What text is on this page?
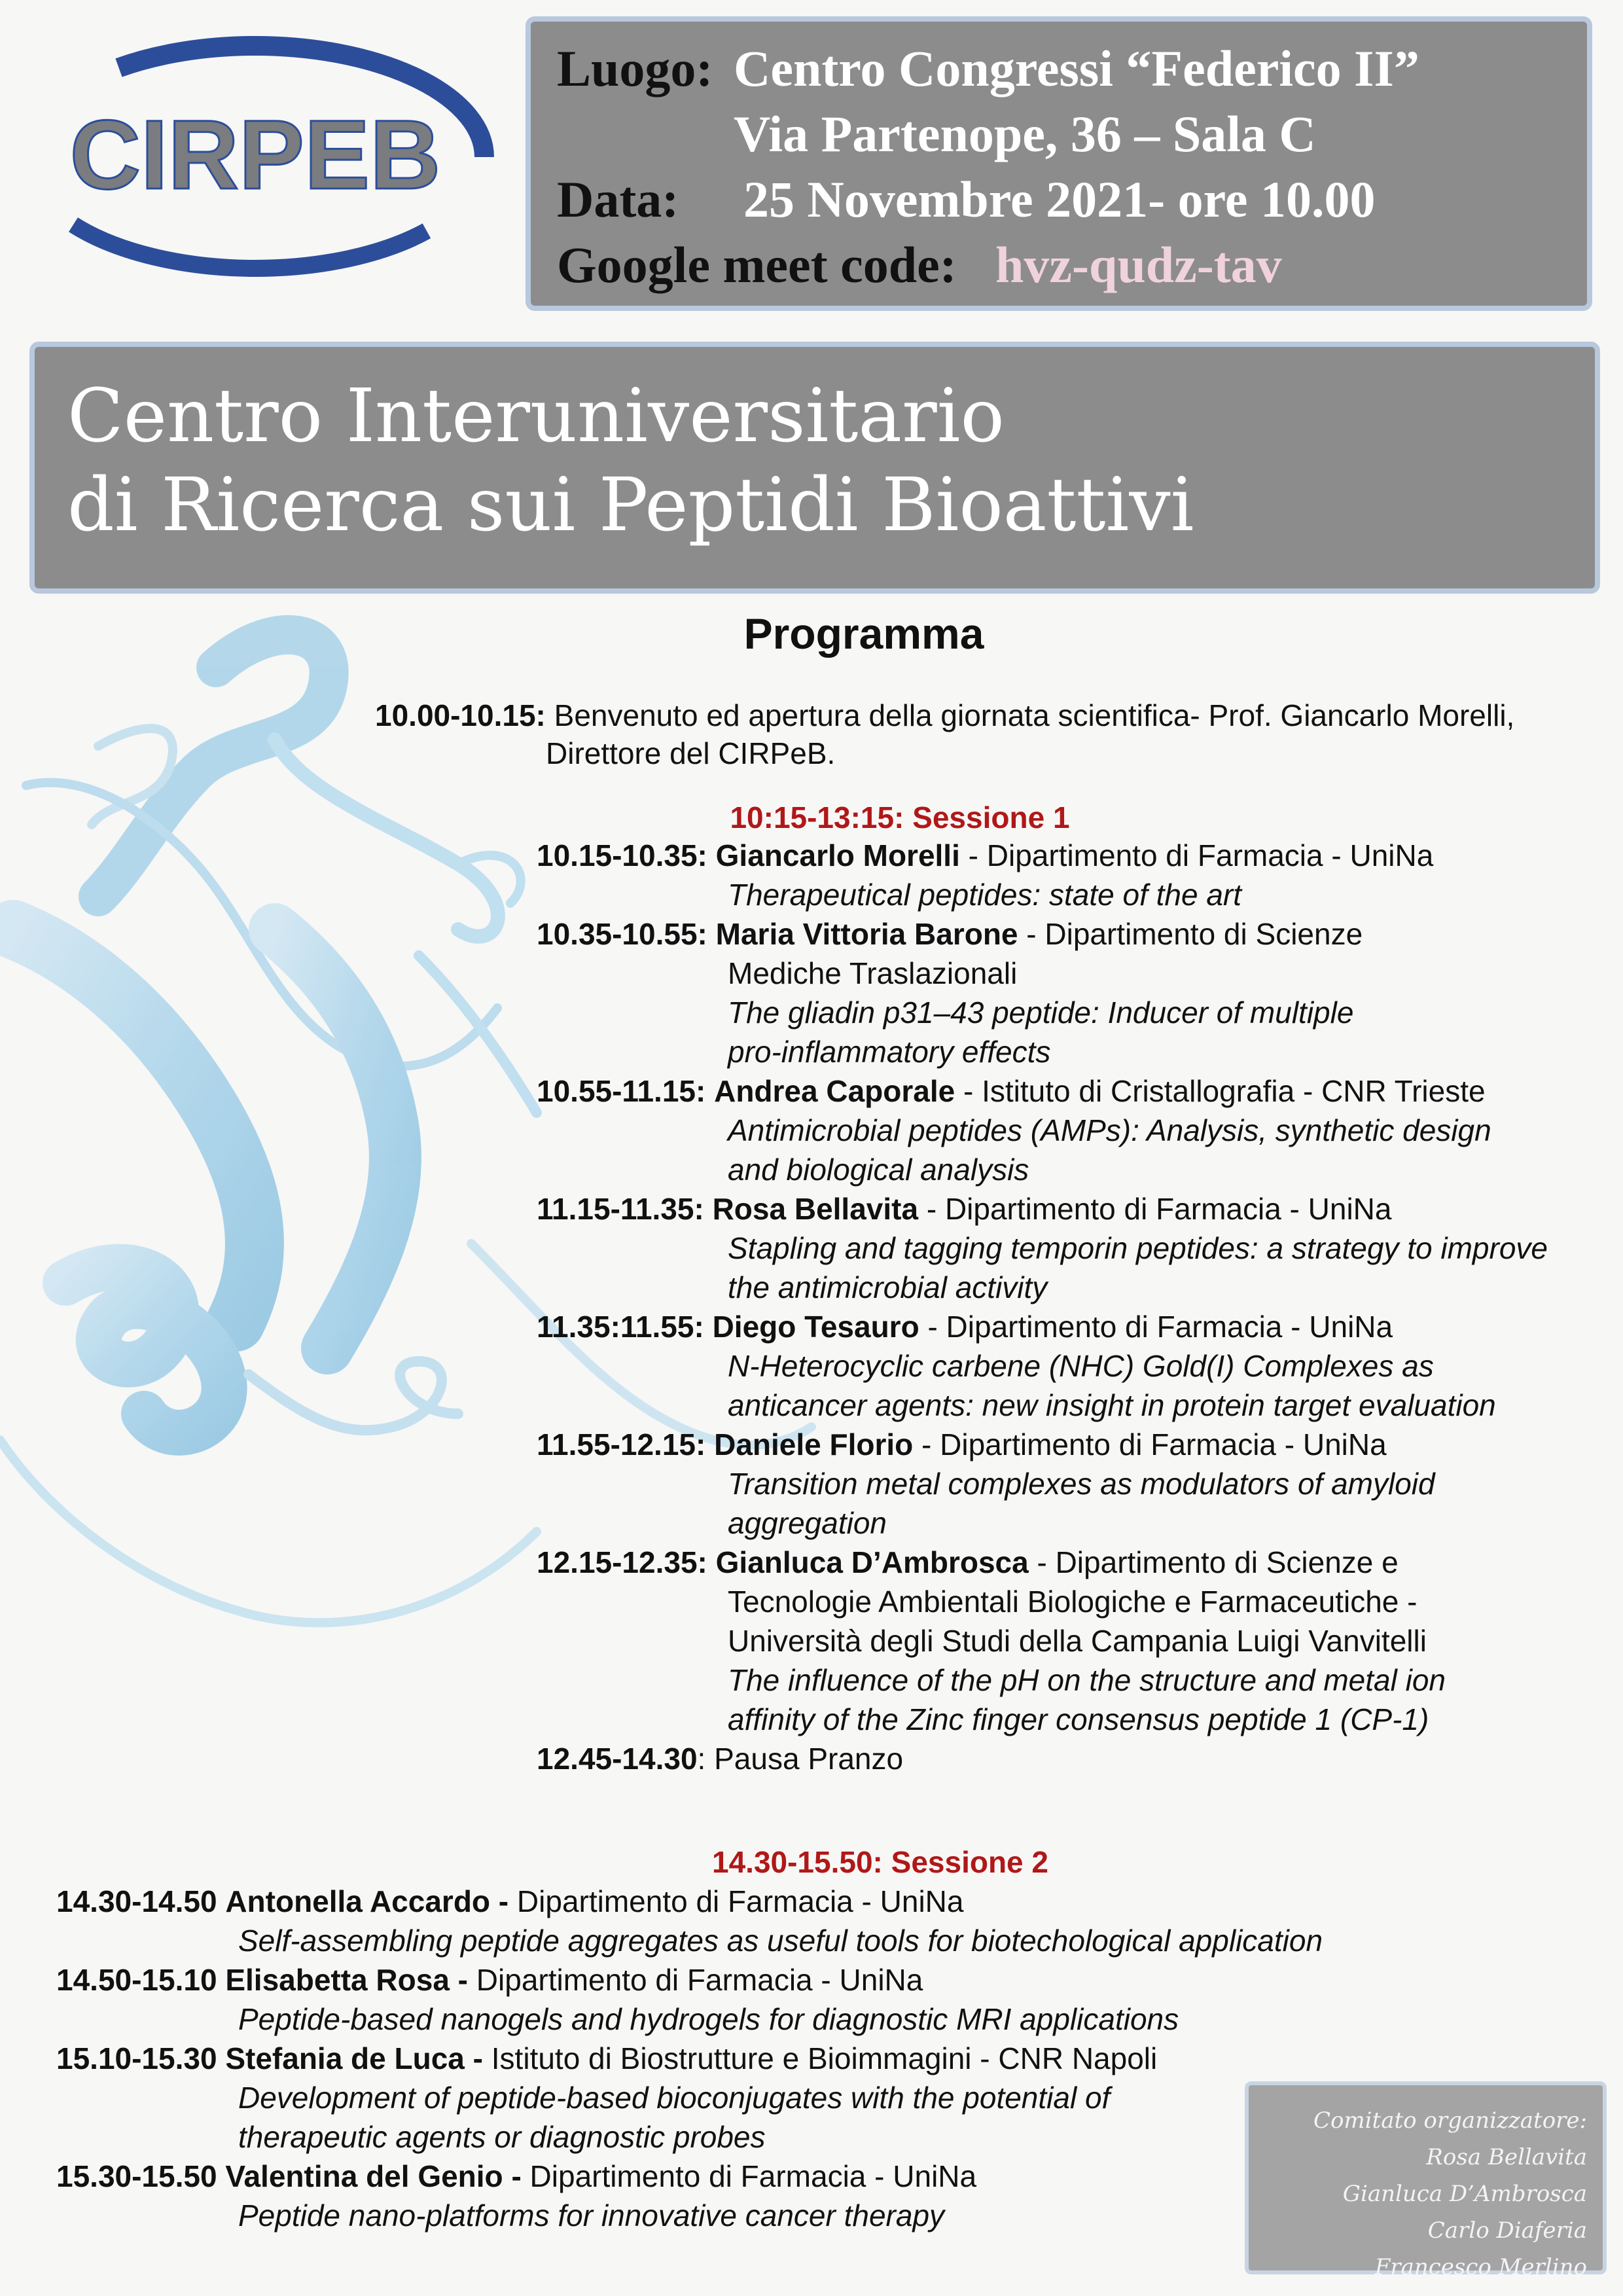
CIRPEB
Luogo: Centro Congressi “Federico II”
Via Partenope, 36 – Sala C
Data: 25 Novembre 2021- ore 10.00
Google meet code: hvz-qudz-tav
Centro Interuniversitario
di Ricerca sui Peptidi Bioattivi
Programma
10.00-10.15: Benvenuto ed apertura della giornata scientifica- Prof. Giancarlo Morelli,
Direttore del CIRPeB.
10:15-13:15: Sessione 1
10.15-10.35: Giancarlo Morelli - Dipartimento di Farmacia - UniNa
Therapeutical peptides: state of the art
10.35-10.55: Maria Vittoria Barone - Dipartimento di Scienze
Mediche Traslazionali
The gliadin p31–43 peptide: Inducer of multiple
pro-inflammatory effects
10.55-11.15: Andrea Caporale - Istituto di Cristallografia - CNR Trieste
Antimicrobial peptides (AMPs): Analysis, synthetic design
and biological analysis
11.15-11.35: Rosa Bellavita - Dipartimento di Farmacia - UniNa
Stapling and tagging temporin peptides: a strategy to improve
the antimicrobial activity
11.35:11.55: Diego Tesauro - Dipartimento di Farmacia - UniNa
N-Heterocyclic carbene (NHC) Gold(I) Complexes as
anticancer agents: new insight in protein target evaluation
11.55-12.15: Daniele Florio - Dipartimento di Farmacia - UniNa
Transition metal complexes as modulators of amyloid
aggregation
12.15-12.35: Gianluca D’Ambrosca - Dipartimento di Scienze e
Tecnologie Ambientali Biologiche e Farmaceutiche -
Università degli Studi della Campania Luigi Vanvitelli
The influence of the pH on the structure and metal ion
affinity of the Zinc finger consensus peptide 1 (CP-1)
12.45-14.30: Pausa Pranzo
14.30-15.50: Sessione 2
14.30-14.50 Antonella Accardo - Dipartimento di Farmacia - UniNa
Self-assembling peptide aggregates as useful tools for biotechological application
14.50-15.10 Elisabetta Rosa - Dipartimento di Farmacia - UniNa
Peptide-based nanogels and hydrogels for diagnostic MRI applications
15.10-15.30 Stefania de Luca - Istituto di Biostrutture e Bioimmagini - CNR Napoli
Development of peptide-based bioconjugates with the potential of
therapeutic agents or diagnostic probes
15.30-15.50 Valentina del Genio - Dipartimento di Farmacia - UniNa
Peptide nano-platforms for innovative cancer therapy
Comitato organizzatore:
Rosa Bellavita
Gianluca D’Ambrosca
Carlo Diaferia
Francesco Merlino
